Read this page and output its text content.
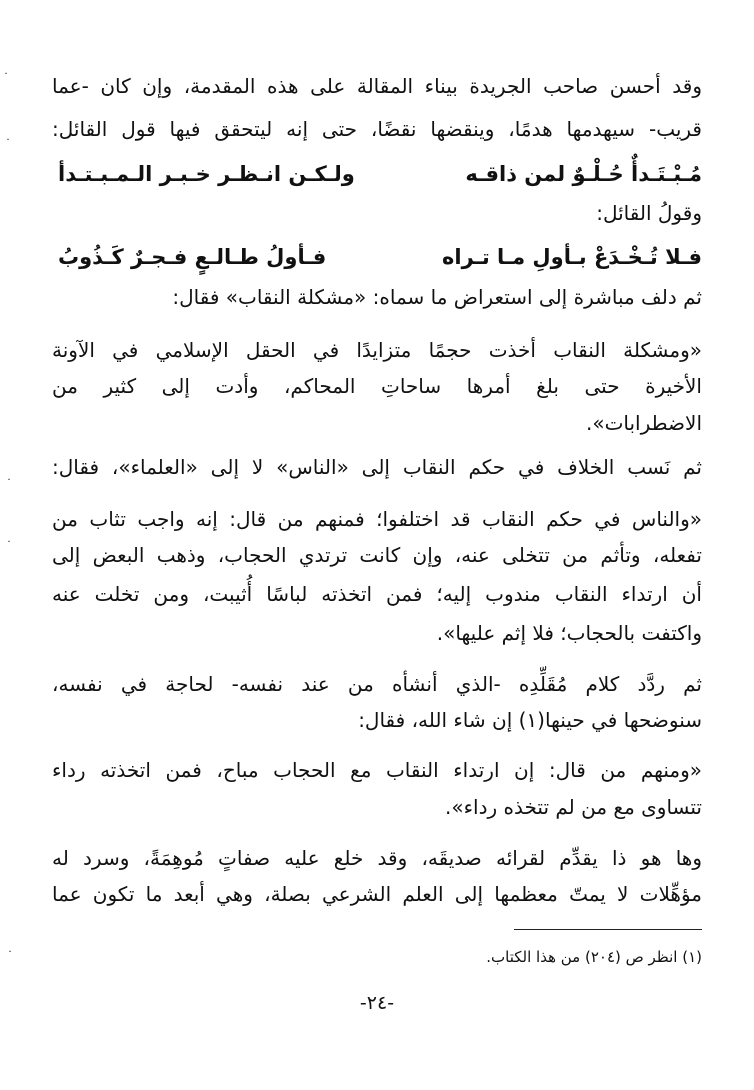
وقد أحسن صاحب الجريدة بيناء المقالة على هذه المقدمة، وإن كان -عما
قريب- سيهدمها هدمًا، وينقضها نقضًا، حتى إنه ليتحقق فيها قول القائل:
مُـبْـتَـدأٌ حُـلْـوٌ لمن ذاقـه
ولـكـن انـظـر خـبـر الـمـبـتـدأ
وقولُ القائل:
فـلا تُـخْـدَعْ بـأولِ مـا تـراه
فـأولُ طـالـعٍ فـجـرٌ كَـذُوبُ
ثم دلف مباشرة إلى استعراض ما سماه: «مشكلة النقاب» فقال:
«ومشكلة النقاب أخذت حجمًا متزايدًا في الحقل الإسلامي في الآونة
الأخيرة حتى بلغ أمرها ساحاتِ المحاكم، وأدت إلى كثير من
الاضطرابات».
ثم نَسب الخلاف في حكم النقاب إلى «الناس» لا إلى «العلماء»، فقال:
«والناس في حكم النقاب قد اختلفوا؛ فمنهم من قال: إنه واجب تثاب من
تفعله، وتأثم من تتخلى عنه، وإن كانت ترتدي الحجاب، وذهب البعض إلى
أن ارتداء النقاب مندوب إليه؛ فمن اتخذته لباسًا أُثيبت، ومن تخلت عنه
واكتفت بالحجاب؛ فلا إثم عليها».
ثم ردَّد كلام مُقَلِّدِه -الذي أنشأه من عند نفسه- لحاجة في نفسه،
سنوضحها في حينها(١) إن شاء الله، فقال:
«ومنهم من قال: إن ارتداء النقاب مع الحجاب مباح، فمن اتخذته رداء
تتساوى مع من لم تتخذه رداء».
وها هو ذا يقدِّم لقرائه صديقَه، وقد خلع عليه صفاتٍ مُوهِمَةً، وسرد له
مؤهِّلات لا يمتّ معظمها إلى العلم الشرعي بصلة، وهي أبعد ما تكون عما
(١) انظر ص (٢٠٤) من هذا الكتاب.
-٢٤-
˙
˙
˙
˙
˙
